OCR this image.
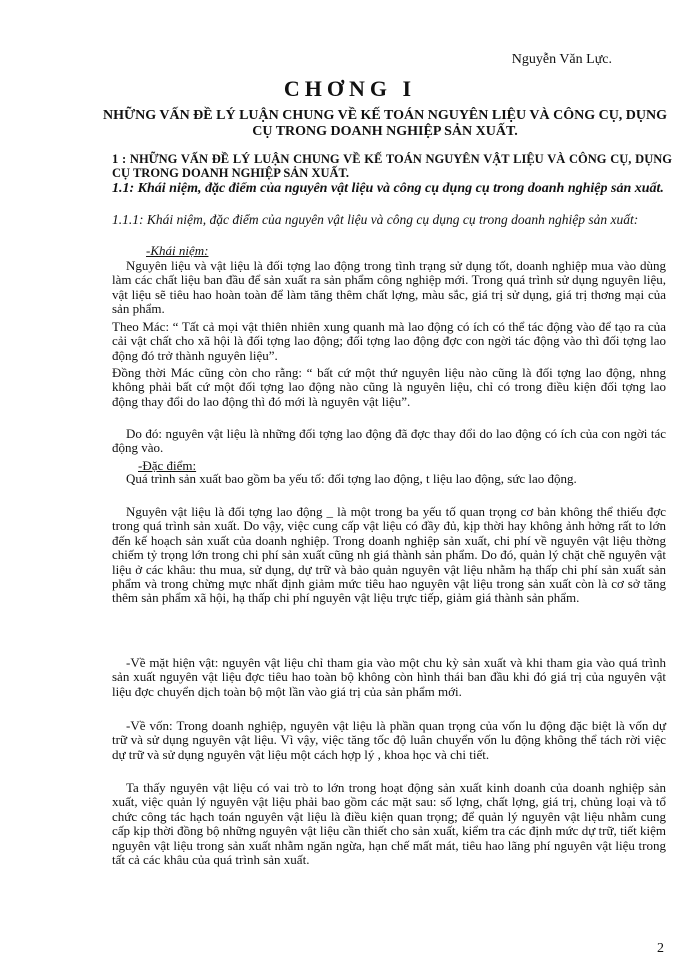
Nguyễn Văn Lực.
CHƠNG I
NHỮNG VẤN ĐỀ LÝ LUẬN CHUNG VỀ KẾ TOÁN NGUYÊN LIỆU VÀ CÔNG CỤ, DỤNG CỤ TRONG DOANH NGHIỆP SẢN XUẤT.
1 : NHỮNG VẤN ĐỀ LÝ LUẬN CHUNG VỀ KẾ TOÁN NGUYÊN VẬT LIỆU VÀ CÔNG CỤ, DỤNG CỤ TRONG DOANH NGHIỆP SẢN XUẤT.
1.1: Khái niệm, đặc điểm của nguyên vật liệu và công cụ dụng cụ trong doanh nghiệp sản xuất.
1.1.1: Khái niệm, đặc điểm của nguyên vật liệu và công cụ dụng cụ trong doanh nghiệp sản xuất:
-Khái niệm:
Nguyên liệu và vật liệu là đối tợng lao động trong tình trạng sử dụng tốt, doanh nghiệp mua vào dùng làm các chất liệu ban đầu để sản xuất ra sản phẩm công nghiệp mới. Trong quá trình sử dụng nguyên liệu, vật liệu sẽ tiêu hao hoàn toàn để làm tăng thêm chất lợng, màu sắc, giá trị sử dụng, giá trị thơng mại của sản phẩm.
Theo Mác: “ Tất cả mọi vật thiên nhiên xung quanh mà lao động có ích có thể tác động vào để tạo ra của cải vật chất cho xã hội là đối tợng lao động; đối tợng lao động đợc con ngời tác động vào thì đối tợng lao động đó trở thành nguyên liệu”.
Đồng thời Mác cũng còn cho rằng: “ bất cứ một thứ nguyên liệu nào cũng là đối tợng lao động, nhng không phải bất cứ một đối tợng lao động nào cũng là nguyên liệu, chỉ có trong điều kiện đối tợng lao động thay đổi do lao động thì đó mới là nguyên vật liệu”.
Do đó: nguyên vật liệu là những đối tợng lao động đã đợc thay đổi do lao động có ích của con ngời tác động vào.
-Đặc điểm:
Quá trình sản xuất bao gồm ba yếu tố: đối tợng lao động, t liệu lao động, sức lao động.
Nguyên vật liệu là đối tợng lao động _ là một trong ba yếu tố quan trọng cơ bản không thể thiếu đợc trong quá trình sản xuất. Do vậy, việc cung cấp vật liệu có đầy đủ, kịp thời hay không ảnh hởng rất to lớn đến kế hoạch sản xuất của doanh nghiệp. Trong doanh nghiệp sản xuất, chi phí về nguyên vật liệu thờng chiếm tỷ trọng lớn trong chi phí sản xuất cũng nh giá thành sản phẩm. Do đó, quản lý chặt chẽ nguyên vật liệu ở các khâu: thu mua, sử dụng, dự trữ và bảo quản nguyên vật liệu nhằm hạ thấp chi phí sản xuất sản phẩm và trong chừng mực nhất định giảm mức tiêu hao nguyên vật liệu trong sản xuất còn là cơ sở tăng thêm sản phẩm xã hội, hạ thấp chi phí nguyên vật liệu trực tiếp, giảm giá thành sản phẩm.
-Về mặt hiện vật: nguyên vật liệu chỉ tham gia vào một chu kỳ sản xuất và khi tham gia vào quá trình sản xuất nguyên vật liệu đợc tiêu hao toàn bộ không còn hình thái ban đầu khi đó giá trị của nguyên vật liệu đợc chuyển dịch toàn bộ một lần vào giá trị của sản phẩm mới.
-Về vốn: Trong doanh nghiệp, nguyên vật liệu là phần quan trọng của vốn lu động đặc biệt là vốn dự trữ và sử dụng nguyên vật liệu. Vì vậy, việc tăng tốc độ luân chuyển vốn lu động không thể tách rời việc dự trữ và sử dụng nguyên vật liệu một cách hợp lý , khoa học và chi tiết.
Ta thấy nguyên vật liệu có vai trò to lớn trong hoạt động sản xuất kinh doanh của doanh nghiệp sản xuất, việc quản lý nguyên vật liệu phải bao gồm các mặt sau: số lợng, chất lợng, giá trị, chủng loại và tổ chức công tác hạch toán nguyên vật liệu là điều kiện quan trọng; để quản lý nguyên vật liệu nhằm cung cấp kịp thời đồng bộ những nguyên vật liệu cần thiết cho sản xuất, kiểm tra các định mức dự trữ, tiết kiệm nguyên vật liệu trong sản xuất nhằm ngăn ngừa, hạn chế mất mát, tiêu hao lãng phí nguyên vật liệu trong tất cả các khâu của quá trình sản xuất.
2
